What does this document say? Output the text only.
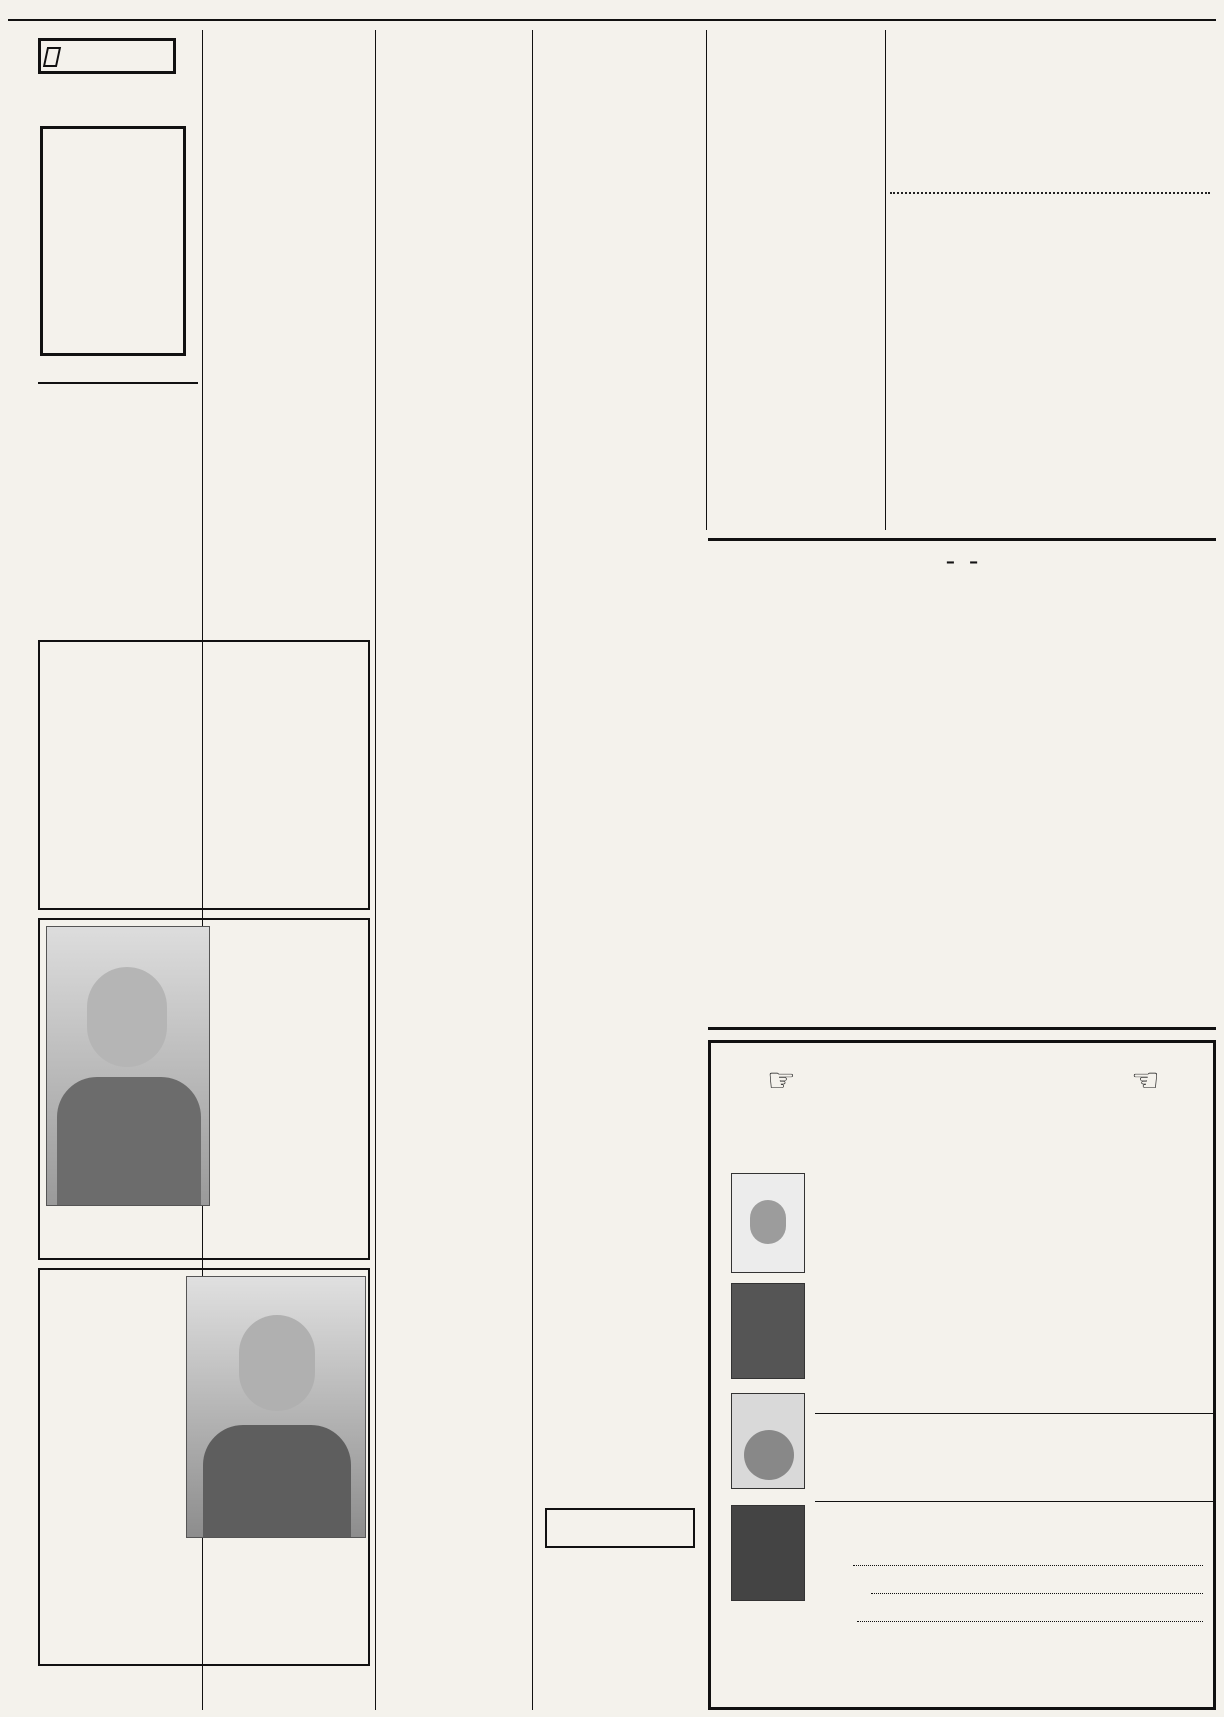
– –
☞	☞
